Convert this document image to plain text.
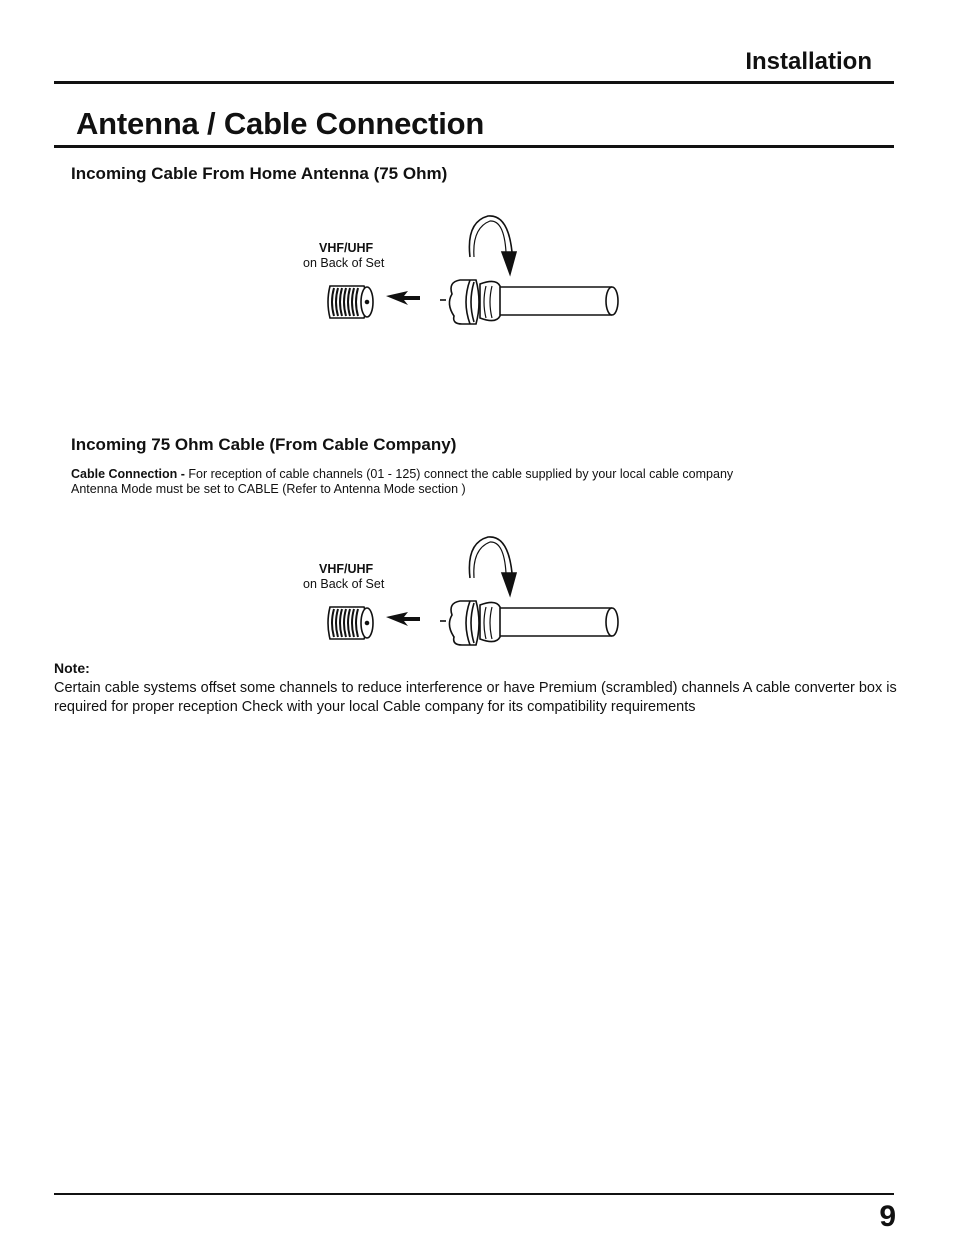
Installation
Antenna / Cable Connection
Incoming Cable From Home Antenna (75 Ohm)
VHF/UHF
on Back of Set
Incoming 75 Ohm Cable (From Cable Company)

Cable Connection - For reception of cable channels (01 - 125) connect the cable supplied by your local cable company
Antenna Mode must be set to CABLE (Refer to Antenna Mode section )

VHF/UHF
on Back of Set

Note:

Certain cable systems offset some channels to reduce interference or have Premium (scrambled) channels A cable converter box is required for proper reception Check with your local Cable company for its compatibility requirements

9
